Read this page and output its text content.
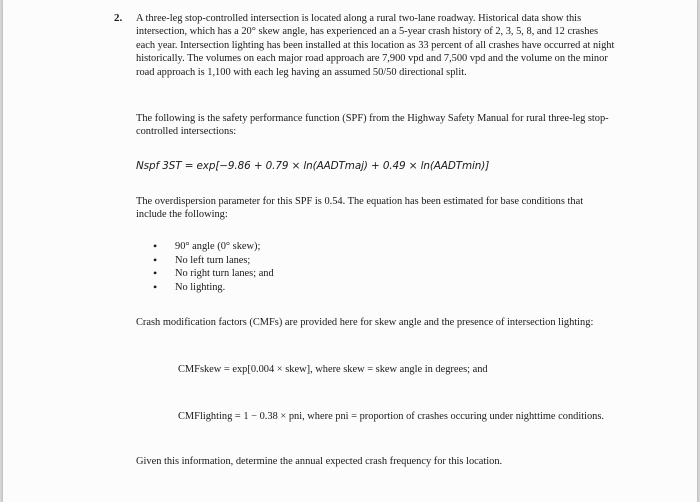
2. A three-leg stop-controlled intersection is located along a rural two-lane roadway. Historical data show this intersection, which has a 20° skew angle, has experienced an a 5-year crash history of 2, 3, 5, 8, and 12 crashes each year. Intersection lighting has been installed at this location as 33 percent of all crashes have occurred at night historically. The volumes on each major road approach are 7,900 vpd and 7,500 vpd and the volume on the minor road approach is 1,100 with each leg having an assumed 50/50 directional split.

The following is the safety performance function (SPF) from the Highway Safety Manual for rural three-leg stop-controlled intersections:

Nspf 3ST = exp[−9.86 + 0.79 × ln(AADTmaj) + 0.49 × ln(AADTmin)]

The overdispersion parameter for this SPF is 0.54. The equation has been estimated for base conditions that include the following:

• 90° angle (0° skew);
• No left turn lanes;
• No right turn lanes; and
• No lighting.

Crash modification factors (CMFs) are provided here for skew angle and the presence of intersection lighting:

CMFskew = exp[0.004 × skew], where skew = skew angle in degrees; and
CMFlighting = 1 − 0.38 × pni, where pni = proportion of crashes occuring under nighttime conditions.

Given this information, determine the annual expected crash frequency for this location.
